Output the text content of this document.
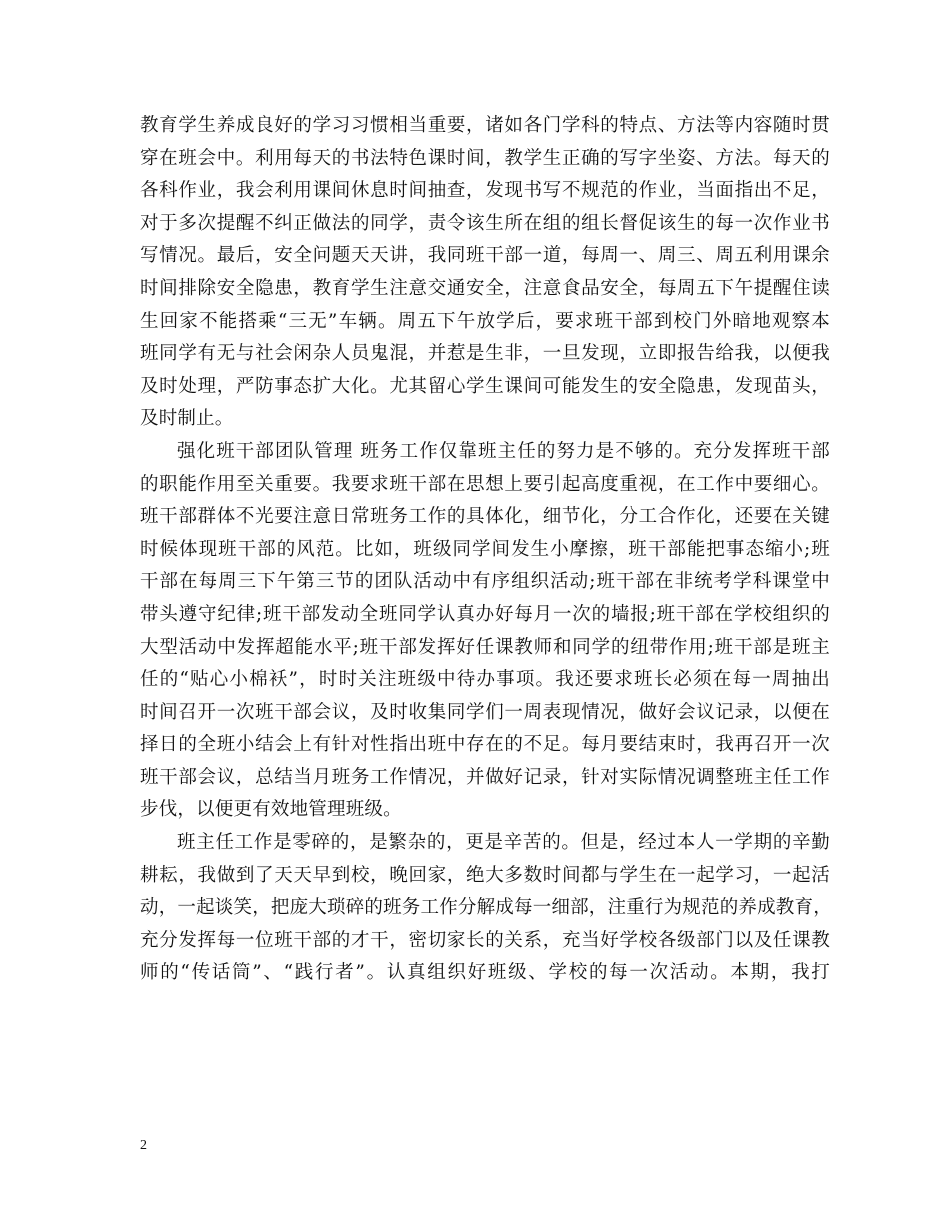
教育学生养成良好的学习习惯相当重要，诸如各门学科的特点、方法等内容随时贯
穿在班会中。利用每天的书法特色课时间，教学生正确的写字坐姿、方法。每天的
各科作业，我会利用课间休息时间抽查，发现书写不规范的作业，当面指出不足，
对于多次提醒不纠正做法的同学，责令该生所在组的组长督促该生的每一次作业书
写情况。最后，安全问题天天讲，我同班干部一道，每周一、周三、周五利用课余
时间排除安全隐患，教育学生注意交通安全，注意食品安全，每周五下午提醒住读
生回家不能搭乘“三无”车辆。周五下午放学后，要求班干部到校门外暗地观察本
班同学有无与社会闲杂人员鬼混，并惹是生非，一旦发现，立即报告给我，以便我
及时处理，严防事态扩大化。尤其留心学生课间可能发生的安全隐患，发现苗头，
及时制止。
强化班干部团队管理 班务工作仅靠班主任的努力是不够的。充分发挥班干部
的职能作用至关重要。我要求班干部在思想上要引起高度重视，在工作中要细心。
班干部群体不光要注意日常班务工作的具体化，细节化，分工合作化，还要在关键
时候体现班干部的风范。比如，班级同学间发生小摩擦，班干部能把事态缩小;班
干部在每周三下午第三节的团队活动中有序组织活动;班干部在非统考学科课堂中
带头遵守纪律;班干部发动全班同学认真办好每月一次的墙报;班干部在学校组织的
大型活动中发挥超能水平;班干部发挥好任课教师和同学的纽带作用;班干部是班主
任的“贴心小棉袄”，时时关注班级中待办事项。我还要求班长必须在每一周抽出
时间召开一次班干部会议，及时收集同学们一周表现情况，做好会议记录，以便在
择日的全班小结会上有针对性指出班中存在的不足。每月要结束时，我再召开一次
班干部会议，总结当月班务工作情况，并做好记录，针对实际情况调整班主任工作
步伐，以便更有效地管理班级。
班主任工作是零碎的，是繁杂的，更是辛苦的。但是，经过本人一学期的辛勤
耕耘，我做到了天天早到校，晚回家，绝大多数时间都与学生在一起学习，一起活
动，一起谈笑，把庞大琐碎的班务工作分解成每一细部，注重行为规范的养成教育，
充分发挥每一位班干部的才干，密切家长的关系，充当好学校各级部门以及任课教
师的“传话筒”、“践行者”。认真组织好班级、学校的每一次活动。本期，我打
2
